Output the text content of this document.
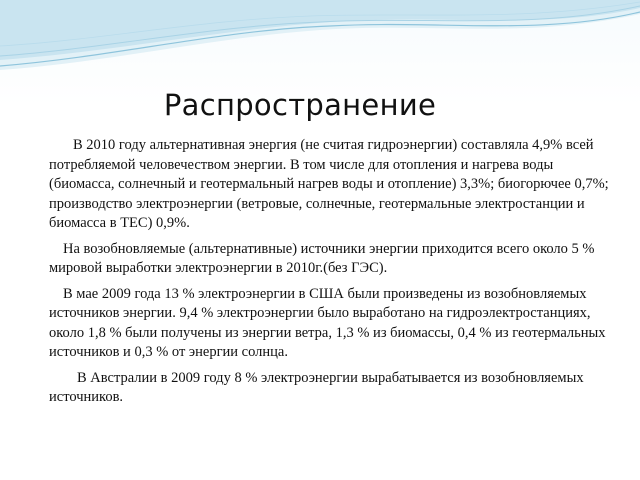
Распространение

В 2010 году альтернативная энергия (не считая гидроэнергии) составляла 4,9% всей потребляемой человечеством энергии. В том числе для отопления и нагрева воды (биомасса, солнечный и геотермальный нагрев воды и отопление) 3,3%; биогорючее 0,7%; производство электроэнергии (ветровые, солнечные, геотермальные электростанции и биомасса в ТЕС) 0,9%.

На возобновляемые (альтернативные) источники энергии приходится всего около 5 % мировой выработки электроэнергии в 2010г.(без ГЭС).

В мае 2009 года 13 % электроэнергии в США были произведены из возобновляемых источников энергии. 9,4 % электроэнергии было выработано на гидроэлектростанциях, около 1,8 % были получены из энергии ветра, 1,3 % из биомассы, 0,4 % из геотермальных источников и 0,3 % от энергии солнца.

В Австралии в 2009 году 8 % электроэнергии вырабатывается из возобновляемых источников.
